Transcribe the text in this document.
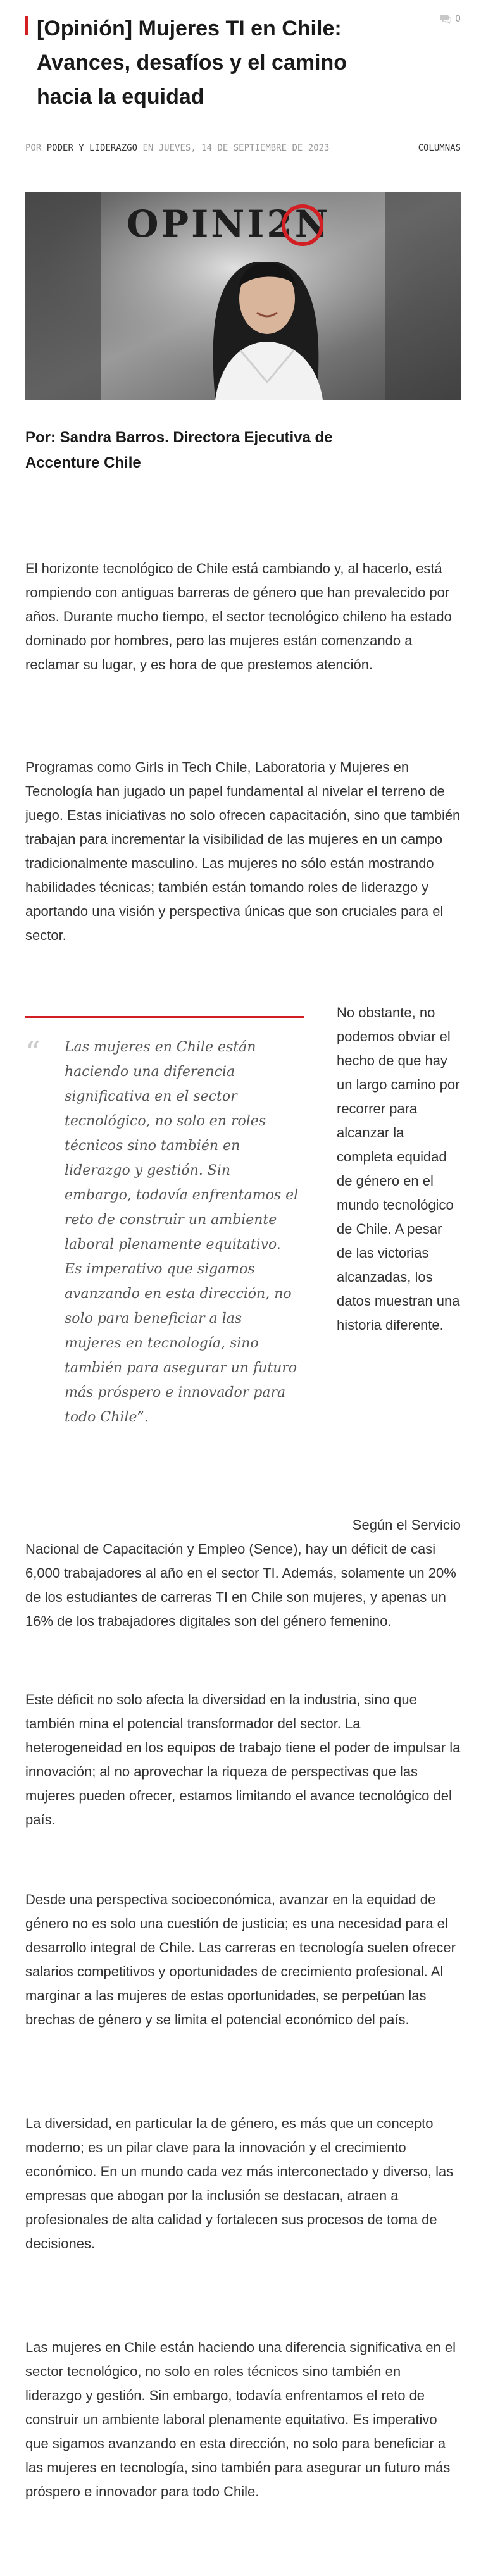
[Opinión] Mujeres TI en Chile: Avances, desafíos y el camino hacia la equidad
0
POR PODER Y LIDERAZGO EN JUEVES, 14 DE SEPTIEMBRE DE 2023	COLUMNAS
OPINI2N

Por: Sandra Barros. Directora Ejecutiva de Accenture Chile

El horizonte tecnológico de Chile está cambiando y, al hacerlo, está rompiendo con antiguas barreras de género que han prevalecido por años. Durante mucho tiempo, el sector tecnológico chileno ha estado dominado por hombres, pero las mujeres están comenzando a reclamar su lugar, y es hora de que prestemos atención.

Programas como Girls in Tech Chile, Laboratoria y Mujeres en Tecnología han jugado un papel fundamental al nivelar el terreno de juego. Estas iniciativas no solo ofrecen capacitación, sino que también trabajan para incrementar la visibilidad de las mujeres en un campo tradicionalmente masculino. Las mujeres no sólo están mostrando habilidades técnicas; también están tomando roles de liderazgo y aportando una visión y perspectiva únicas que son cruciales para el sector.

“ Las mujeres en Chile están haciendo una diferencia significativa en el sector tecnológico, no solo en roles técnicos sino también en liderazgo y gestión. Sin embargo, todavía enfrentamos el reto de construir un ambiente laboral plenamente equitativo. Es imperativo que sigamos avanzando en esta dirección, no solo para beneficiar a las mujeres en tecnología, sino también para asegurar un futuro más próspero e innovador para todo Chile”.

No obstante, no podemos obviar el hecho de que hay un largo camino por recorrer para alcanzar la completa equidad de género en el mundo tecnológico de Chile. A pesar de las victorias alcanzadas, los datos muestran una historia diferente.

Según el Servicio

Nacional de Capacitación y Empleo (Sence), hay un déficit de casi 6,000 trabajadores al año en el sector TI. Además, solamente un 20% de los estudiantes de carreras TI en Chile son mujeres, y apenas un 16% de los trabajadores digitales son del género femenino.

Este déficit no solo afecta la diversidad en la industria, sino que también mina el potencial transformador del sector. La heterogeneidad en los equipos de trabajo tiene el poder de impulsar la innovación; al no aprovechar la riqueza de perspectivas que las mujeres pueden ofrecer, estamos limitando el avance tecnológico del país.

Desde una perspectiva socioeconómica, avanzar en la equidad de género no es solo una cuestión de justicia; es una necesidad para el desarrollo integral de Chile. Las carreras en tecnología suelen ofrecer salarios competitivos y oportunidades de crecimiento profesional. Al marginar a las mujeres de estas oportunidades, se perpetúan las brechas de género y se limita el potencial económico del país.

La diversidad, en particular la de género, es más que un concepto moderno; es un pilar clave para la innovación y el crecimiento económico. En un mundo cada vez más interconectado y diverso, las empresas que abogan por la inclusión se destacan, atraen a profesionales de alta calidad y fortalecen sus procesos de toma de decisiones.

Las mujeres en Chile están haciendo una diferencia significativa en el sector tecnológico, no solo en roles técnicos sino también en liderazgo y gestión. Sin embargo, todavía enfrentamos el reto de construir un ambiente laboral plenamente equitativo. Es imperativo que sigamos avanzando en esta dirección, no solo para beneficiar a las mujeres en tecnología, sino también para asegurar un futuro más próspero e innovador para todo Chile.
